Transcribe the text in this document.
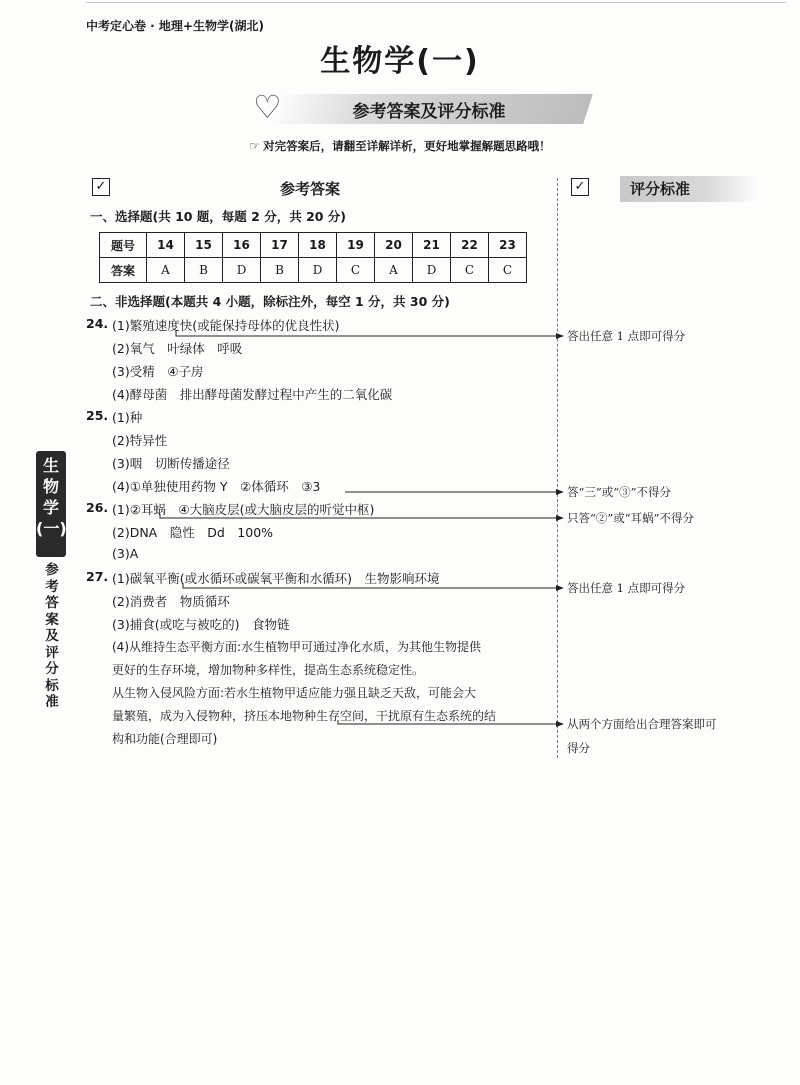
中考定心卷 · 地理+生物学(湖北)
生物学(一)
♡	参考答案及评分标准
☞ 对完答案后，请翻至详解详析，更好地掌握解题思路哦！
✓	参考答案	✓	评分标准
一、选择题(共 10 题，每题 2 分，共 20 分)
题号	14	15	16	17	18	19	20	21	22	23
答案	A	B	D	B	D	C	A	D	C	C
二、非选择题(本题共 4 小题，除标注外，每空 1 分，共 30 分)
24. (1)繁殖速度快(或能保持母体的优良性状)
(2)氧气　叶绿体　呼吸
(3)受精　④子房
(4)酵母菌　排出酵母菌发酵过程中产生的二氧化碳
25. (1)种
(2)特异性
(3)咽　切断传播途径
(4)①单独使用药物 Y　②体循环　③3
26. (1)②耳蜗　④大脑皮层(或大脑皮层的听觉中枢)
(2)DNA　隐性　Dd　100%
(3)A
27. (1)碳氧平衡(或水循环或碳氧平衡和水循环)　生物影响环境
(2)消费者　物质循环
(3)捕食(或吃与被吃的)　食物链
(4)从维持生态平衡方面:水生植物甲可通过净化水质，为其他生物提供
更好的生存环境，增加物种多样性，提高生态系统稳定性。
从生物入侵风险方面:若水生植物甲适应能力强且缺乏天敌，可能会大
量繁殖，成为入侵物种，挤压本地物种生存空间，干扰原有生态系统的结
构和功能(合理即可)
答出任意 1 点即可得分
答“三”或“③”不得分
只答“②”或“耳蜗”不得分
答出任意 1 点即可得分
从两个方面给出合理答案即可
得分
生物学(一)
参考答案及评分标准
